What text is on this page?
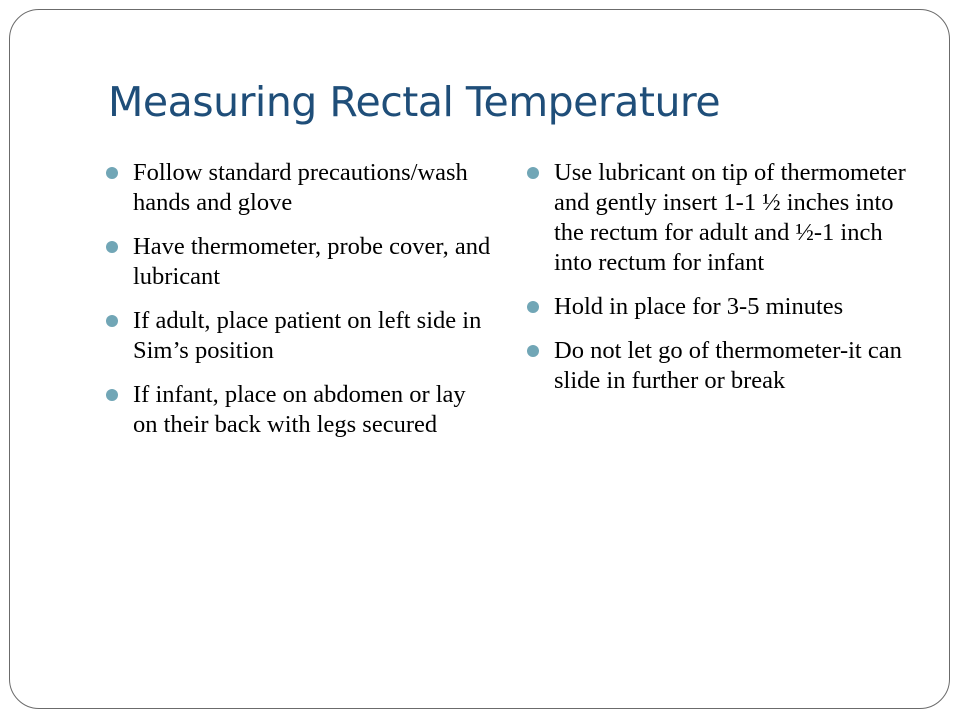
Measuring Rectal Temperature
Follow standard precautions/wash hands and glove
Have thermometer, probe cover, and lubricant
If adult, place patient on left side in Sim’s position
If infant, place on abdomen or lay on their back with legs secured
Use lubricant on tip of thermometer and gently insert 1-1 ½ inches into the rectum for adult and ½-1 inch into rectum for infant
Hold in place for 3-5 minutes
Do not let go of thermometer-it can slide in further or break
